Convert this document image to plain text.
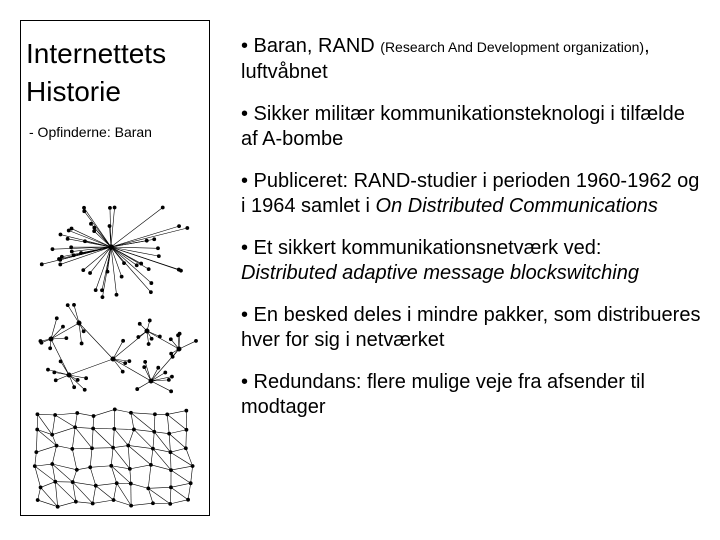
Internettets
Historie
- Opfinderne: Baran

• Baran, RAND (Research And Development organization), luftvåbnet

• Sikker militær kommunikationsteknologi i tilfælde af A-bombe

• Publiceret: RAND-studier i perioden 1960-1962 og i 1964 samlet i On Distributed Communications

• Et sikkert kommunikationsnetværk ved: Distributed adaptive message blockswitching

• En besked deles i mindre pakker, som distribueres hver for sig i netværket

• Redundans: flere mulige veje fra afsender til modtager
